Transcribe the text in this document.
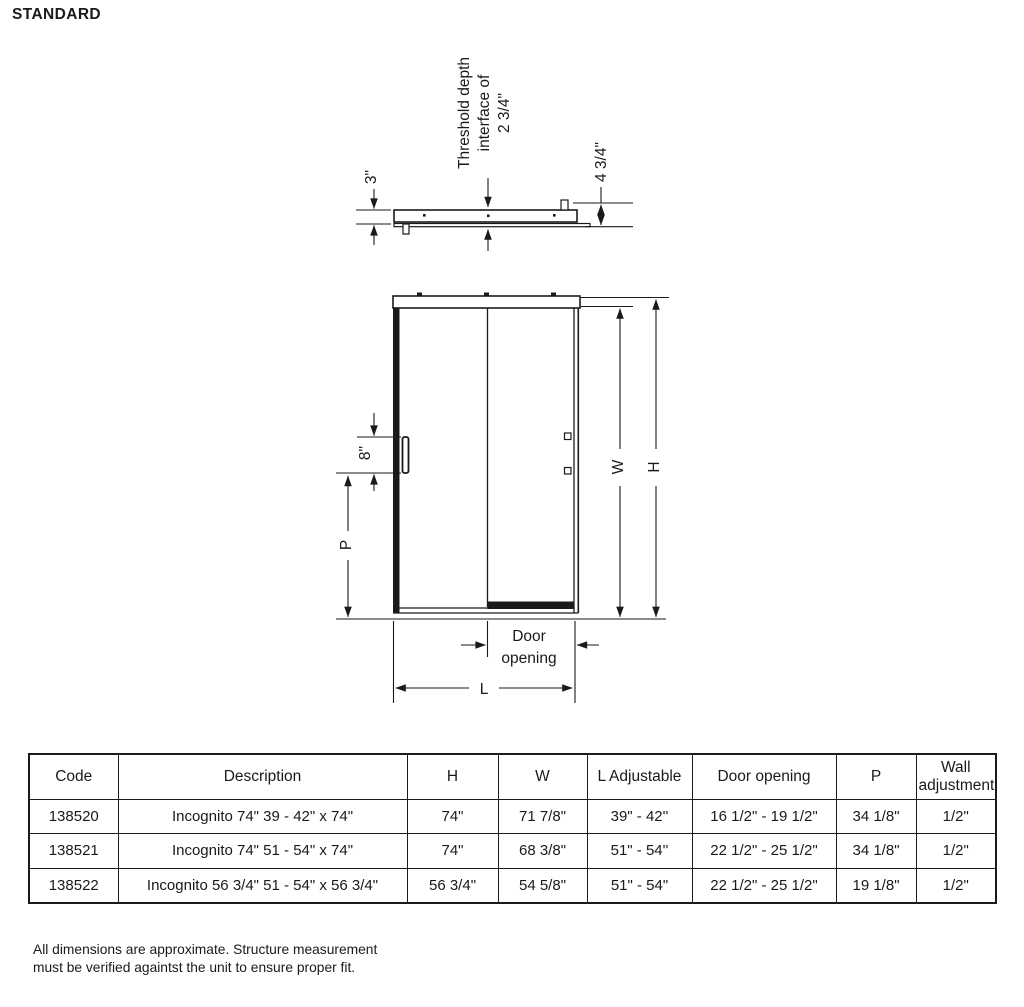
STANDARD
Threshold depth interface of 2 3/4"
3"	4 3/4"
8"
P
W H
Door
opening
L
Code	Description	H	W	L Adjustable	Door opening	P	Wall adjustment
138520	Incognito 74" 39 - 42" x 74"	74"	71 7/8"	39" - 42''	16 1/2" - 19 1/2"	34 1/8"	1/2"
138521	Incognito 74" 51 - 54" x 74"	74"	68 3/8"	51" - 54''	22 1/2" - 25 1/2"	34 1/8"	1/2"
138522	Incognito 56 3/4" 51 - 54" x 56 3/4"	56 3/4"	54 5/8"	51" - 54"	22 1/2" - 25 1/2"	19 1/8"	1/2"
All dimensions are approximate. Structure measurement
must be verified againtst the unit to ensure proper fit.
